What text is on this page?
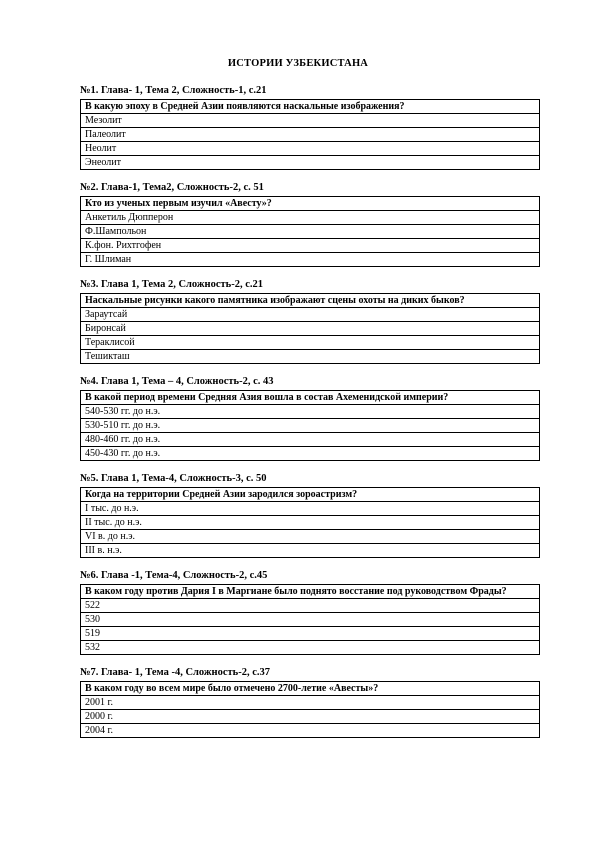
ИСТОРИИ УЗБЕКИСТАНА
№1. Глава- 1, Тема 2, Сложность-1, с.21
В какую эпоху в Средней Азии появляются наскальные изображения?
Мезолит
Палеолит
Неолит
Энеолит
№2. Глава-1, Тема2, Сложность-2, с. 51
Кто из ученых первым изучил «Авесту»?
Анкетиль Дюпперон
Ф.Шампольон
К.фон. Рихтгофен
Г. Шлиман
№3. Глава 1, Тема 2, Сложность-2, с.21
Наскальные рисунки какого памятника изображают сцены охоты на диких быков?
Зараутсай
Биронсай
Тераклисой
Тешикташ
№4. Глава 1, Тема – 4, Сложность-2, с. 43
В какой период времени Средняя Азия вошла в состав Ахеменидской империи?
540-530 гг. до н.э.
530-510 гг. до н.э.
480-460 гг. до н.э.
450-430 гг. до н.э.
№5. Глава 1, Тема-4, Сложность-3, с. 50
Когда на территории Средней Азии зародился зороастризм?
I тыс. до н.э.
II тыс. до н.э.
VI в. до н.э.
III в. н.э.
№6. Глава -1, Тема-4, Сложность-2, с.45
В каком году против Дария I в Маргиане было поднято восстание под руководством Фрады?
522
530
519
532
№7. Глава- 1, Тема -4, Сложность-2, с.37
В каком году во всем мире было отмечено 2700-летие «Авесты»?
2001 г.
2000 г.
2004 г.
